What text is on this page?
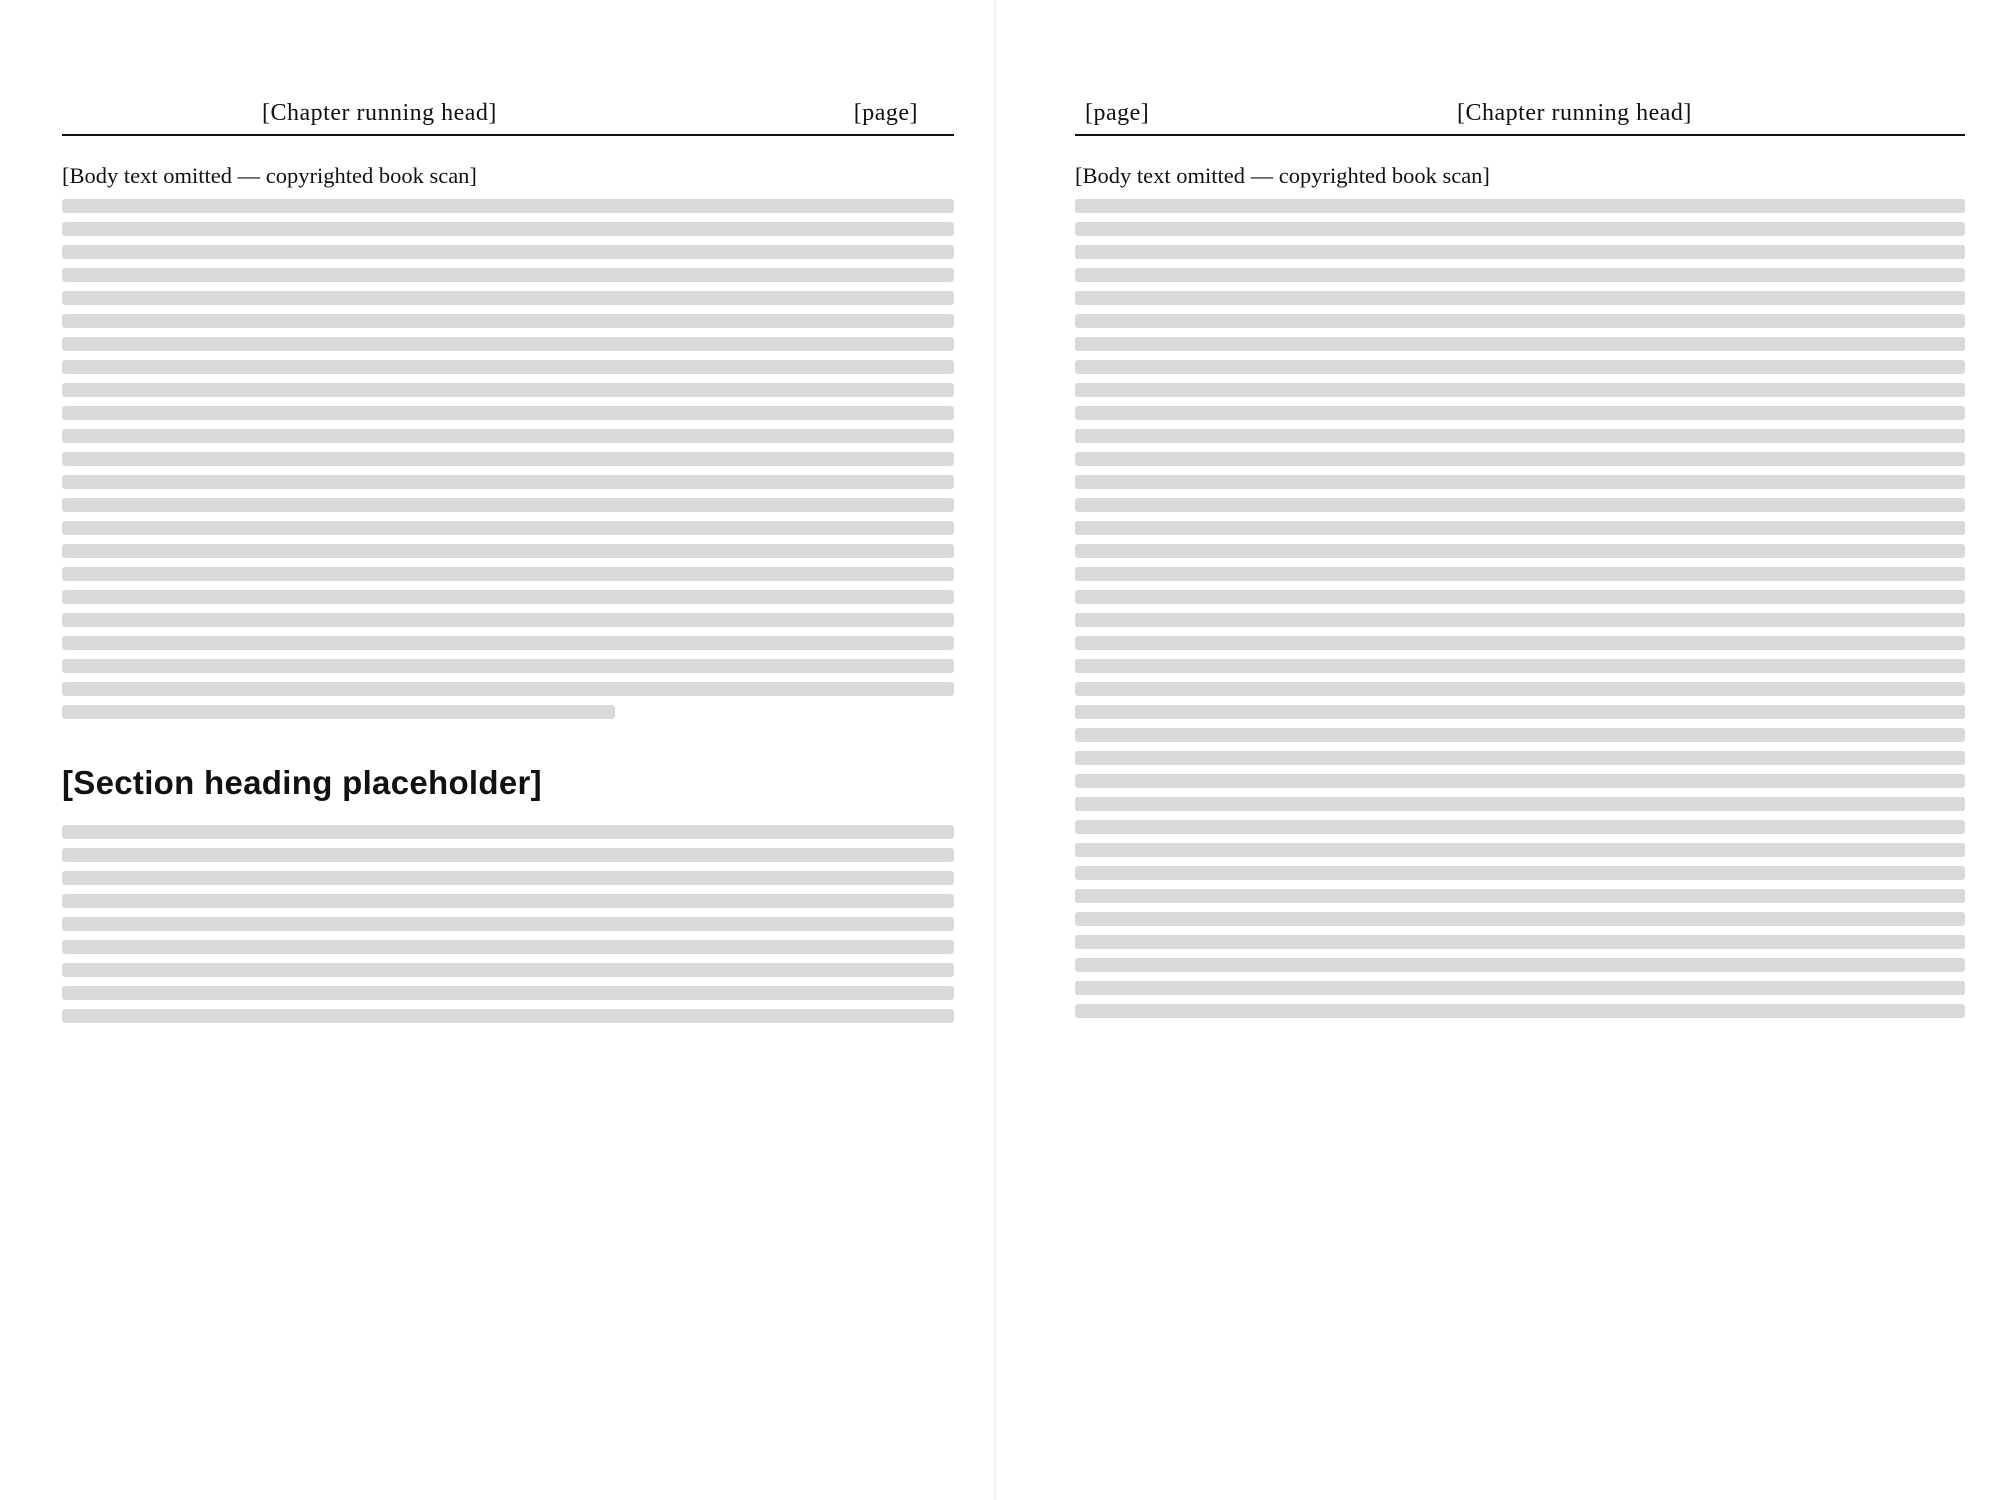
[Chapter running head]	[page]

[Body text omitted — copyrighted book scan]

[Section heading placeholder]
[page]	[Chapter running head]

[Body text omitted — copyrighted book scan]
